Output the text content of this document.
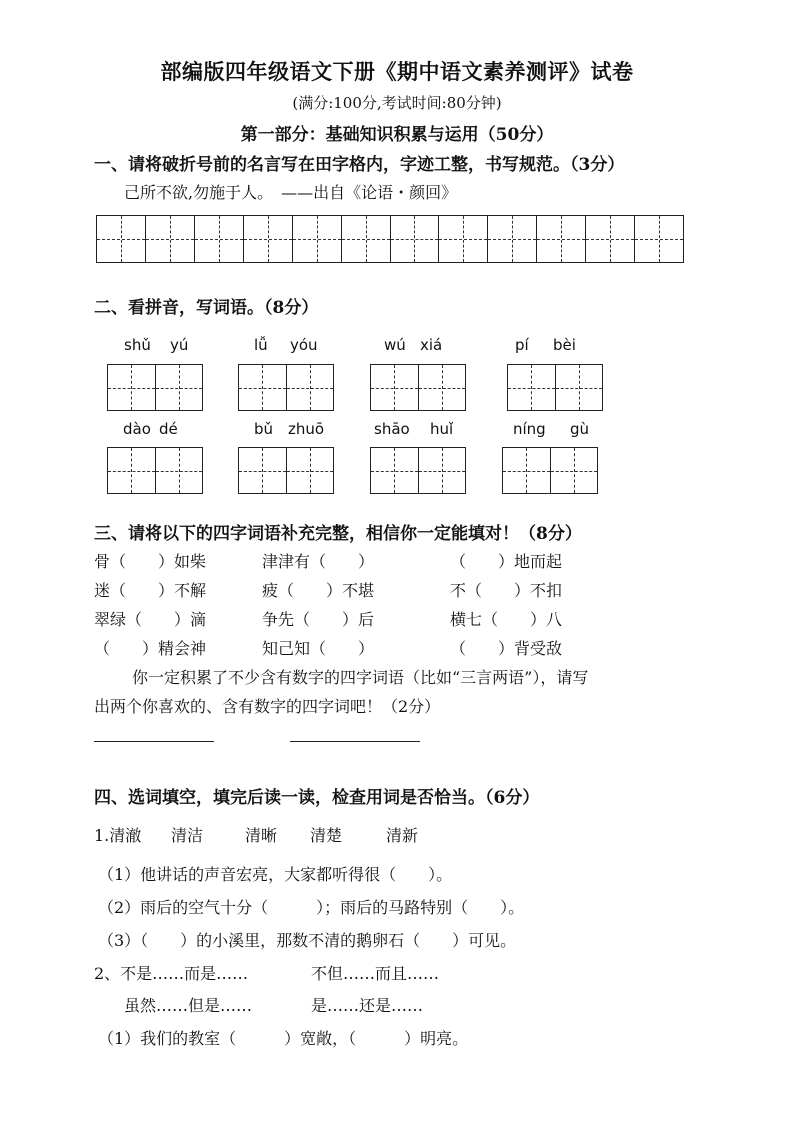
部编版四年级语文下册《期中语文素养测评》试卷
(满分:100分,考试时间:80分钟)
第一部分：基础知识积累与运用（50分）
一、请将破折号前的名言写在田字格内，字迹工整，书写规范。（3分）
己所不欲,勿施于人。　——出自《论语・颜回》
二、看拼音，写词语。（8分）
shǔ yú	lǚ yóu	wú xiá	pí bèi
dào dé	bǔ zhuō	shāo huǐ	níng gù
三、请将以下的四字词语补充完整，相信你一定能填对！（8分）
骨（　　）如柴	津津有（　　）	（　　）地而起
迷（　　）不解	疲（　　）不堪	不（　　）不扣
翠绿（　　）滴	争先（　　）后	横七（　　）八
（　　）精会神	知己知（　　）	（　　）背受敌
你一定积累了不少含有数字的四字词语（比如“三言两语”），请写
出两个你喜欢的、含有数字的四字词吧！（2分）
四、选词填空，填完后读一读，检查用词是否恰当。（6分）
1.清澈 清洁	清晰 清楚	清新
（1）他讲话的声音宏亮，大家都听得很（　　）。
（2）雨后的空气十分（　　　）；雨后的马路特别（　　）。
（3）（　　）的小溪里，那数不清的鹅卵石（　　）可见。
2、不是……而是……	不但……而且……
虽然……但是……	是……还是……
（1）我们的教室（　　　）宽敞，（　　　）明亮。
